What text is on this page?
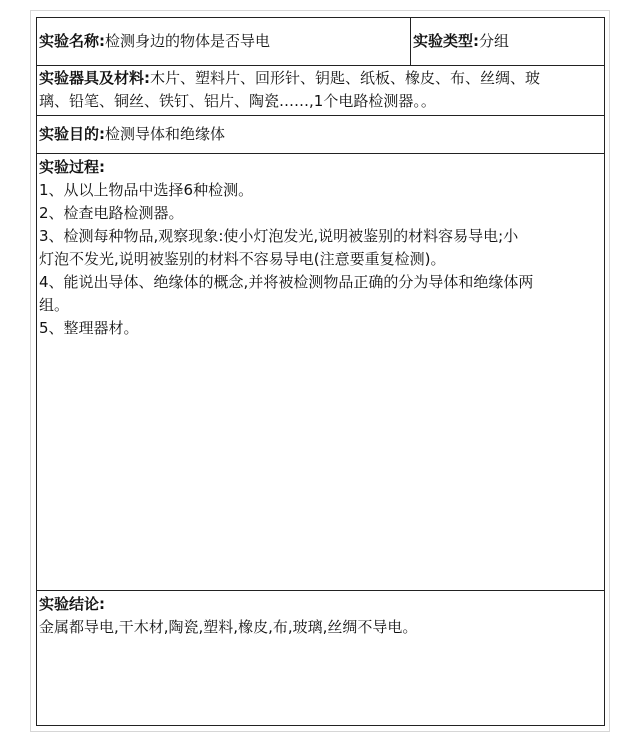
实验名称: 检测身边的物体是否导电	实验类型: 分组
实验器具及材料:木片、塑料片、回形针、钥匙、纸板、橡皮、布、丝绸、玻
璃、铅笔、铜丝、铁钉、铝片、陶瓷……,1个电路检测器。。
实验目的: 检测导体和绝缘体
实验过程:
1、从以上物品中选择6种检测。
2、检查电路检测器。
3、检测每种物品,观察现象:使小灯泡发光,说明被鉴别的材料容易导电;小
灯泡不发光,说明被鉴别的材料不容易导电(注意要重复检测)。
4、能说出导体、绝缘体的概念,并将被检测物品正确的分为导体和绝缘体两
组。
5、整理器材。
实验结论:
金属都导电,干木材,陶瓷,塑料,橡皮,布,玻璃,丝绸不导电。
